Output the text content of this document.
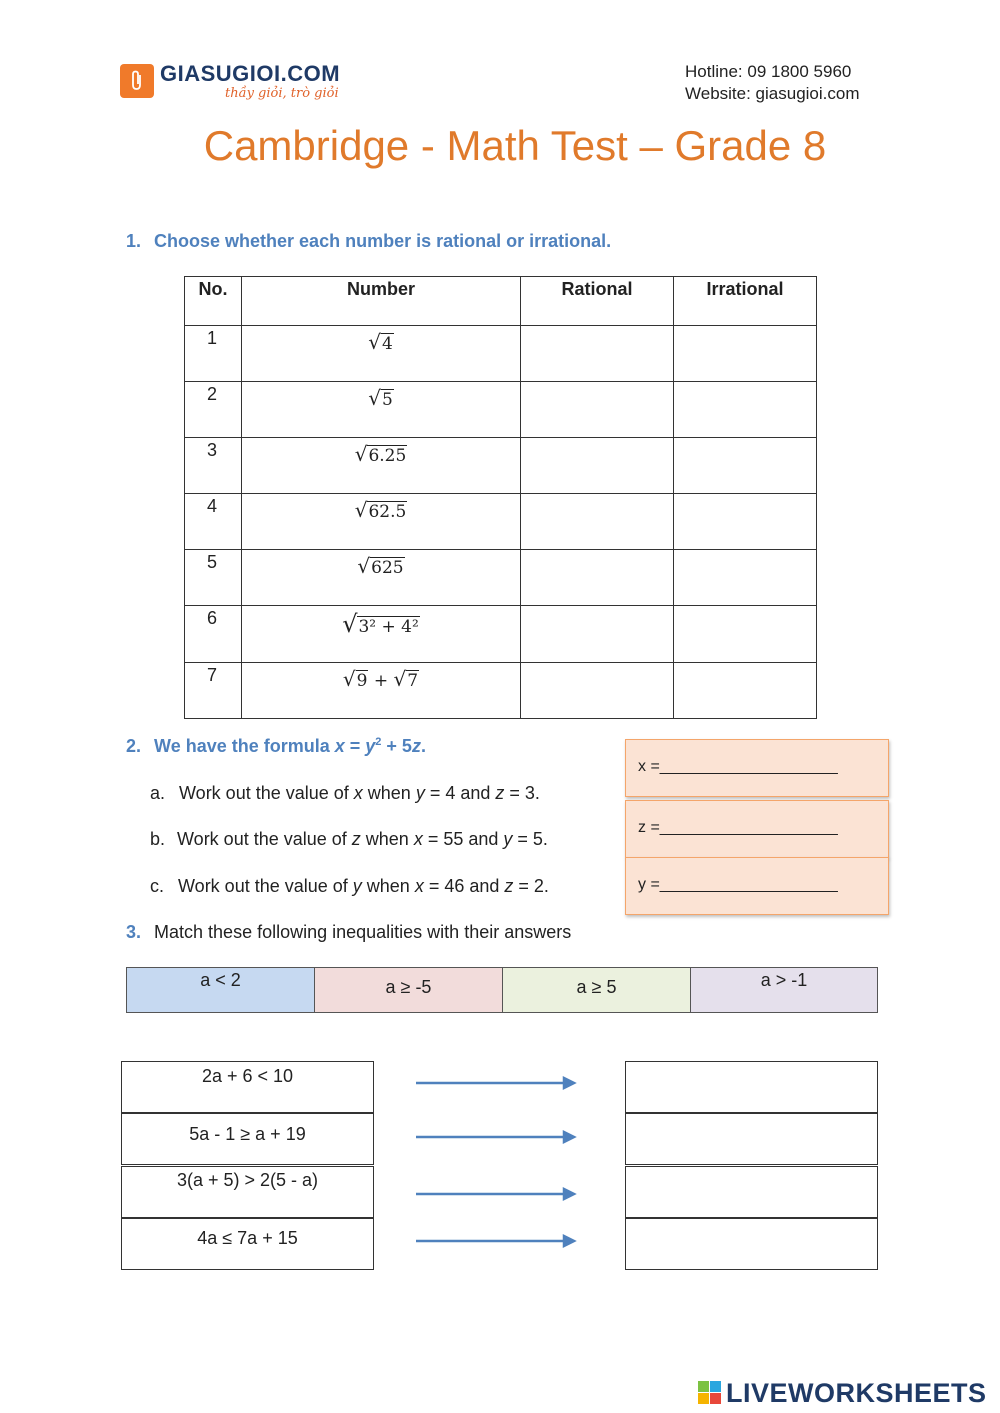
GIASUGIOI.COM
thầy giỏi, trò giỏi
Hotline: 09 1800 5960
Website: giasugioi.com
Cambridge - Math Test – Grade 8
1. Choose whether each number is rational or irrational.
No.	Number	Rational	Irrational
1	√4		
2	√5		
3	√6.25		
4	√62.5		
5	√625		
6	√3² + 4²		
7	√9 + √7		
2. We have the formula $x = y^2 + 5z$.
a. Work out the value of x when y = 4 and z = 3.
b. Work out the value of z when x = 55 and y = 5.
c. Work out the value of y when x = 46 and z = 2.
x =____________________
z =____________________
y =____________________
3. Match these following inequalities with their answers
a < 2	a ≥ -5	a ≥ 5	a > -1
2a + 6 < 10
5a - 1 ≥ a + 19
3(a + 5) > 2(5 - a)
4a ≤ 7a + 15
LIVEWORKSHEETS
